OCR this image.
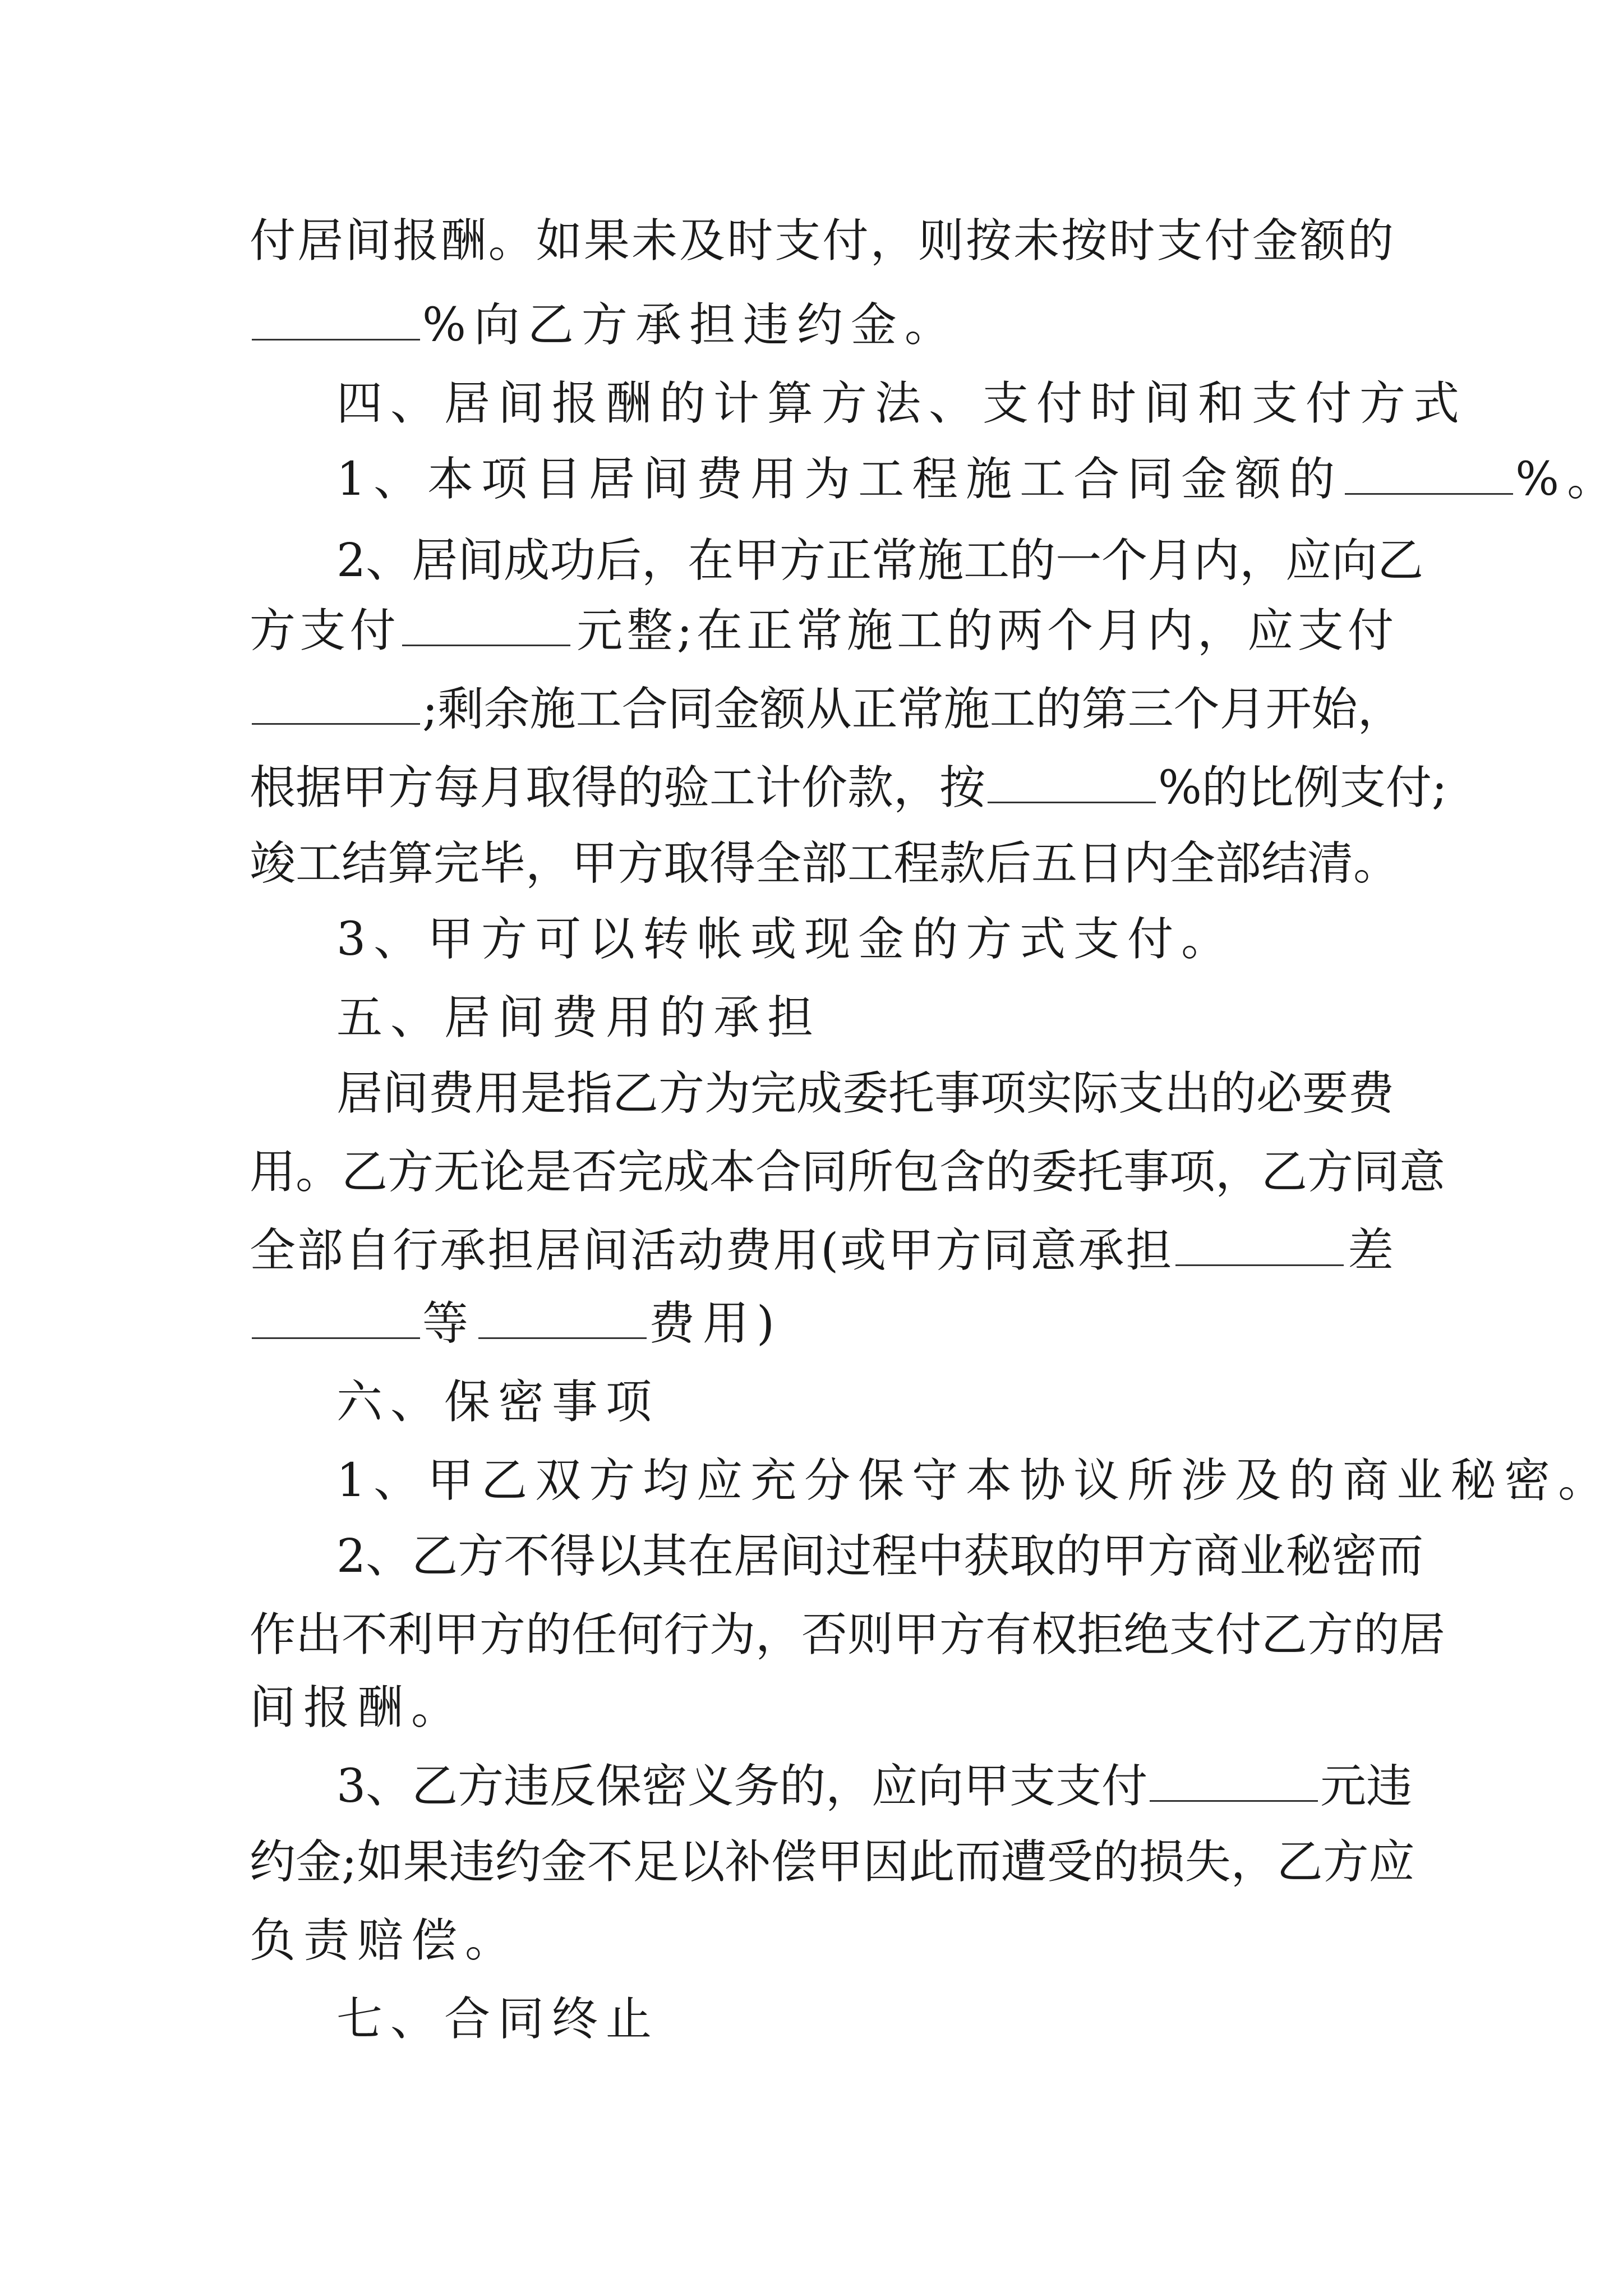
付居间报酬。如果未及时支付，则按未按时支付金额的
%向乙方承担违约金。
四、居间报酬的计算方法、支付时间和支付方式
1、本项目居间费用为工程施工合同金额的	%。
2、居间成功后，在甲方正常施工的一个月内，应向乙
方支付	元整;在正常施工的两个月内，应支付
;剩余施工合同金额从正常施工的第三个月开始，
根据甲方每月取得的验工计价款，按	%的比例支付;
竣工结算完毕，甲方取得全部工程款后五日内全部结清。
3、甲方可以转帐或现金的方式支付。
五、居间费用的承担
居间费用是指乙方为完成委托事项实际支出的必要费
用。乙方无论是否完成本合同所包含的委托事项，乙方同意
全部自行承担居间活动费用(或甲方同意承担	差
等	费用)
六、保密事项
1、甲乙双方均应充分保守本协议所涉及的商业秘密。
2、乙方不得以其在居间过程中获取的甲方商业秘密而
作出不利甲方的任何行为，否则甲方有权拒绝支付乙方的居
间报酬。
3、乙方违反保密义务的，应向甲支支付	元违
约金;如果违约金不足以补偿甲因此而遭受的损失，乙方应
负责赔偿。
七、合同终止
